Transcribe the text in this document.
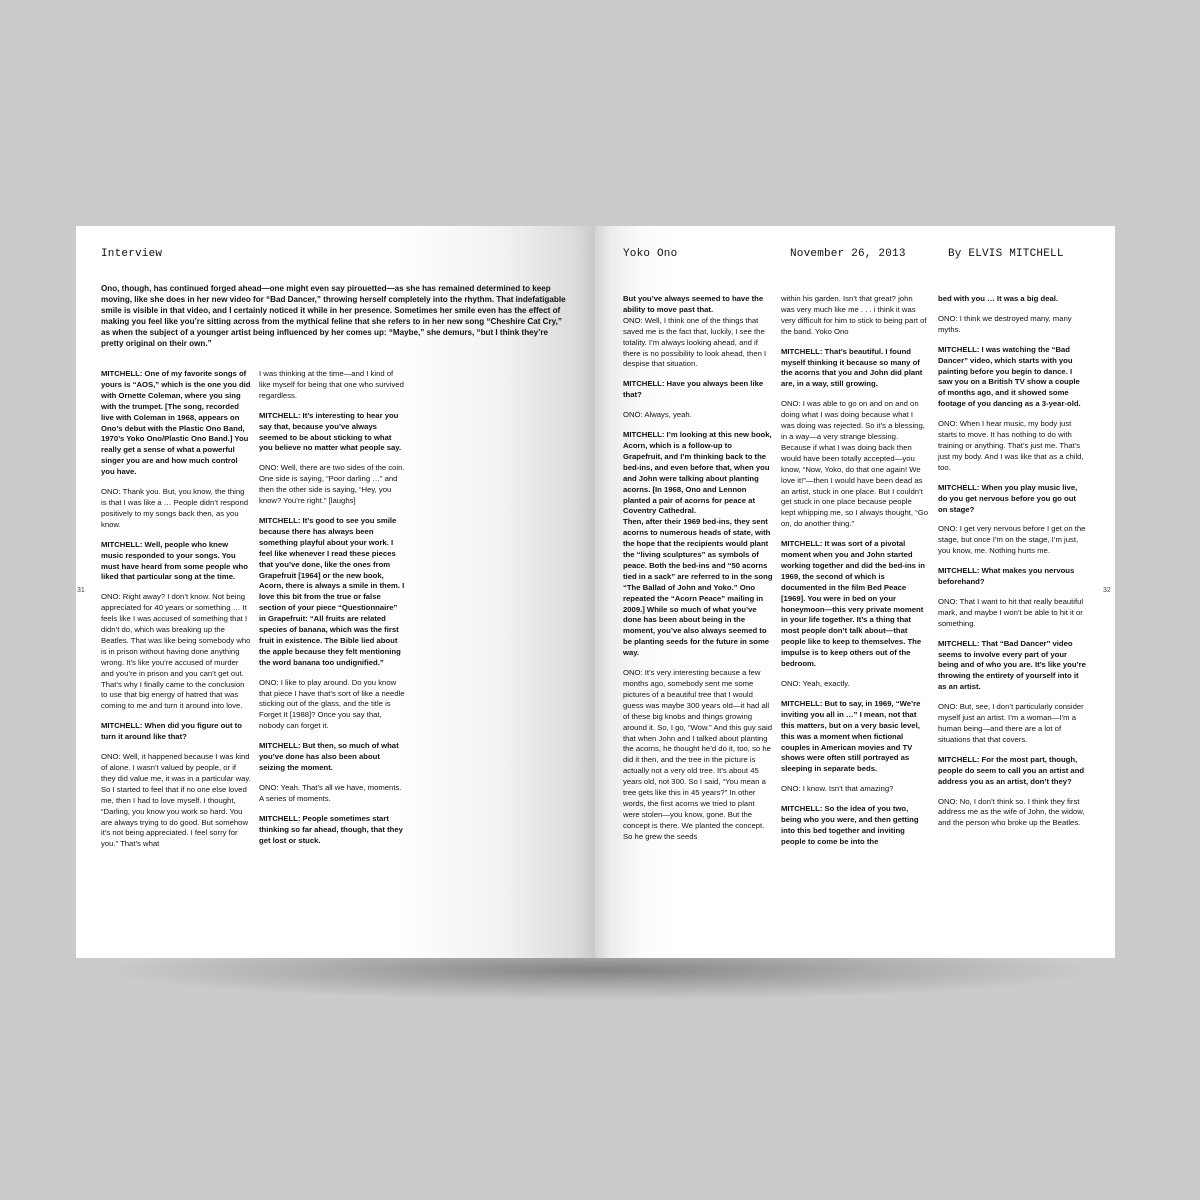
Interview
31

Ono, though, has continued forged ahead—one might even say pirouetted—as she has remained determined to keep moving, like she does in her new video for “Bad Dancer,” throwing herself completely into the rhythm. That indefatigable smile is visible in that video, and I certainly noticed it while in her presence. Sometimes her smile even has the effect of making you feel like you’re sitting across from the mythical feline that she refers to in her new song “Cheshire Cat Cry,” as when the subject of a younger artist being influenced by her comes up: “Maybe,” she demurs, “but I think they’re pretty original on their own.”

MITCHELL: One of my favorite songs of yours is “AOS,” which is the one you did with Ornette Coleman, where you sing with the trumpet. [The song, recorded live with Coleman in 1968, appears on Ono’s debut with the Plastic Ono Band, 1970’s Yoko Ono/Plastic Ono Band.] You really get a sense of what a powerful singer you are and how much control you have.

ONO: Thank you. But, you know, the thing is that I was like a … People didn’t respond positively to my songs back then, as you know.

MITCHELL: Well, people who knew music responded to your songs. You must have heard from some people who liked that particular song at the time.

ONO: Right away? I don’t know. Not being appreciated for 40 years or something … It feels like I was accused of something that I didn’t do, which was breaking up the Beatles. That was like being somebody who is in prison without having done anything wrong. It’s like you’re accused of murder and you’re in prison and you can’t get out. That’s why I finally came to the conclusion to use that big energy of hatred that was coming to me and turn it around into love.

MITCHELL: When did you figure out to turn it around like that?

ONO: Well, it happened because I was kind of alone. I wasn’t valued by people, or if they did value me, it was in a particular way. So I started to feel that if no one else loved me, then I had to love myself. I thought, “Darling, you know you work so hard. You are always trying to do good. But somehow it’s not being appreciated. I feel sorry for you.” That’s what

I was thinking at the time—and I kind of like myself for being that one who survived regardless.

MITCHELL: It’s interesting to hear you say that, because you’ve always seemed to be about sticking to what you believe no matter what people say.

ONO: Well, there are two sides of the coin. One side is saying, “Poor darling …” and then the other side is saying, “Hey, you know? You’re right.” [laughs]

MITCHELL: It’s good to see you smile because there has always been something playful about your work. I feel like whenever I read these pieces that you’ve done, like the ones from Grapefruit [1964] or the new book, Acorn, there is always a smile in them. I love this bit from the true or false section of your piece “Questionnaire” in Grapefruit: “All fruits are related species of banana, which was the first fruit in existence. The Bible lied about the apple because they felt mentioning the word banana too undignified.”

ONO: I like to play around. Do you know that piece I have that’s sort of like a needle sticking out of the glass, and the title is Forget It [1988]? Once you say that, nobody can forget it.

MITCHELL: But then, so much of what you’ve done has also been about seizing the moment.

ONO: Yeah. That’s all we have, moments. A series of moments.

MITCHELL: People sometimes start thinking so far ahead, though, that they get lost or stuck.

Yoko Ono	November 26, 2013	By ELVIS MITCHELL
32

But you’ve always seemed to have the ability to move past that.

ONO: Well, I think one of the things that saved me is the fact that, luckily, I see the totality. I’m always looking ahead, and if there is no possibility to look ahead, then I despise that situation.

MITCHELL: Have you always been like that?

ONO: Always, yeah.

MITCHELL: I’m looking at this new book, Acorn, which is a follow-up to Grapefruit, and I’m thinking back to the bed-ins, and even before that, when you and John were talking about planting acorns. [In 1968, Ono and Lennon planted a pair of acorns for peace at Coventry Cathedral.

Then, after their 1969 bed-ins, they sent acorns to numerous heads of state, with the hope that the recipients would plant the “living sculptures” as symbols of peace. Both the bed-ins and “50 acorns tied in a sack” are referred to in the song “The Ballad of John and Yoko.” Ono repeated the “Acorn Peace” mailing in 2009.] While so much of what you’ve done has been about being in the moment, you’ve also always seemed to be planting seeds for the future in some way.

ONO: It’s very interesting because a few months ago, somebody sent me some pictures of a beautiful tree that I would guess was maybe 300 years old—it had all of these big knobs and things growing around it. So, I go, “Wow.” And this guy said that when John and I talked about planting the acorns, he thought he’d do it, too, so he did it then, and the tree in the picture is actually not a very old tree. It’s about 45 years old, not 300. So I said, “You mean a tree gets like this in 45 years?” In other words, the first acorns we tried to plant were stolen—you know, gone. But the concept is there. We planted the concept. So he grew the seeds

within his garden. Isn’t that great? john was very much like me . . . i think it was very difficult for him to stick to being part of the band. Yoko Ono

MITCHELL: That’s beautiful. I found myself thinking it because so many of the acorns that you and John did plant are, in a way, still growing.

ONO: I was able to go on and on and on doing what I was doing because what I was doing was rejected. So it’s a blessing, in a way—a very strange blessing. Because if what I was doing back then would have been totally accepted—you know, “Now, Yoko, do that one again! We love it!”—then I would have been dead as an artist, stuck in one place. But I couldn’t get stuck in one place because people kept whipping me, so I always thought, “Go on, do another thing.”

MITCHELL: It was sort of a pivotal moment when you and John started working together and did the bed-ins in 1969, the second of which is documented in the film Bed Peace [1969]. You were in bed on your honeymoon—this very private moment in your life together. It’s a thing that most people don’t talk about—that people like to keep to themselves. The impulse is to keep others out of the bedroom.

ONO: Yeah, exactly.

MITCHELL: But to say, in 1969, “We’re inviting you all in …” I mean, not that this matters, but on a very basic level, this was a moment when fictional couples in American movies and TV shows were often still portrayed as sleeping in separate beds.

ONO: I know. Isn’t that amazing?

MITCHELL: So the idea of you two, being who you were, and then getting into this bed together and inviting people to come be into the

bed with you … It was a big deal.

ONO: I think we destroyed many, many myths.

MITCHELL: I was watching the “Bad Dancer” video, which starts with you painting before you begin to dance. I saw you on a British TV show a couple of months ago, and it showed some footage of you dancing as a 3-year-old.

ONO: When I hear music, my body just starts to move. It has nothing to do with training or anything. That’s just me. That’s just my body. And I was like that as a child, too.

MITCHELL: When you play music live, do you get nervous before you go out on stage?

ONO: I get very nervous before I get on the stage, but once I’m on the stage, I’m just, you know, me. Nothing hurts me.

MITCHELL: What makes you nervous beforehand?

ONO: That I want to hit that really beautiful mark, and maybe I won’t be able to hit it or something.

MITCHELL: That “Bad Dancer” video seems to involve every part of your being and of who you are. It’s like you’re throwing the entirety of yourself into it as an artist.

ONO: But, see, I don’t particularly consider myself just an artist. I’m a woman—I’m a human being—and there are a lot of situations that that covers.

MITCHELL: For the most part, though, people do seem to call you an artist and address you as an artist, don’t they?

ONO: No, I don’t think so. I think they first address me as the wife of John, the widow, and the person who broke up the Beatles.
